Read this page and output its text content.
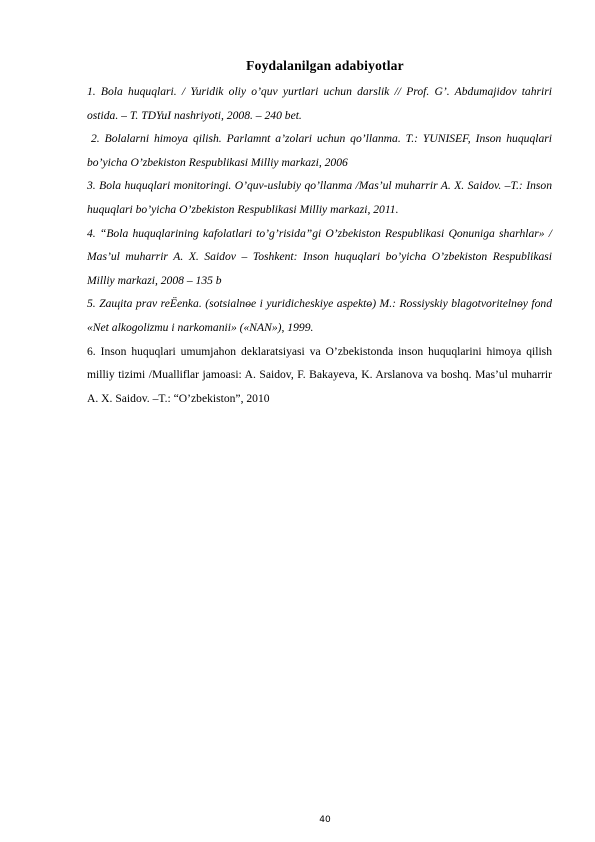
Foydalanilgan adabiyotlar

1. Bola huquqlari. / Yuridik oliy o’quv yurtlari uchun darslik // Prof. G’. Abdumajidov tahriri ostida. – T. TDYuI nashriyoti, 2008. – 240 bet.

2. Bolalarni himoya qilish. Parlamnt a’zolari uchun qo’llanma. T.: YUNISEF, Inson huquqlari bo’yicha O’zbekiston Respublikasi Milliy markazi, 2006

3. Bola huquqlari monitoringi. O’quv-uslubiy qo’llanma /Mas’ul muharrir A. X. Saidov. –T.: Inson huquqlari bo’yicha O’zbekiston Respublikasi Milliy markazi, 2011.

4. “Bola huquqlarining kafolatlari to’g’risida”gi O’zbekiston Respublikasi Qonuniga sharhlar» / Mas’ul muharrir A. X. Saidov – Toshkent: Inson huquqlari bo’yicha O’zbekiston Respublikasi Milliy markazi, 2008 – 135 b

5. Zaщita prav reЁenka. (sotsialnөe i yuridicheskiye aspektө) M.: Rossiyskiy blagotvoritelnөy fond «Net alkogolizmu i narkomanii» («NAN»), 1999.

6. Inson huquqlari umumjahon deklaratsiyasi va O’zbekistonda inson huquqlarini himoya qilish milliy tizimi /Mualliflar jamoasi: A. Saidov, F. Bakayeva, K. Arslanova va boshq. Mas’ul muharrir A. X. Saidov. –T.: “O’zbekiston”, 2010

40
